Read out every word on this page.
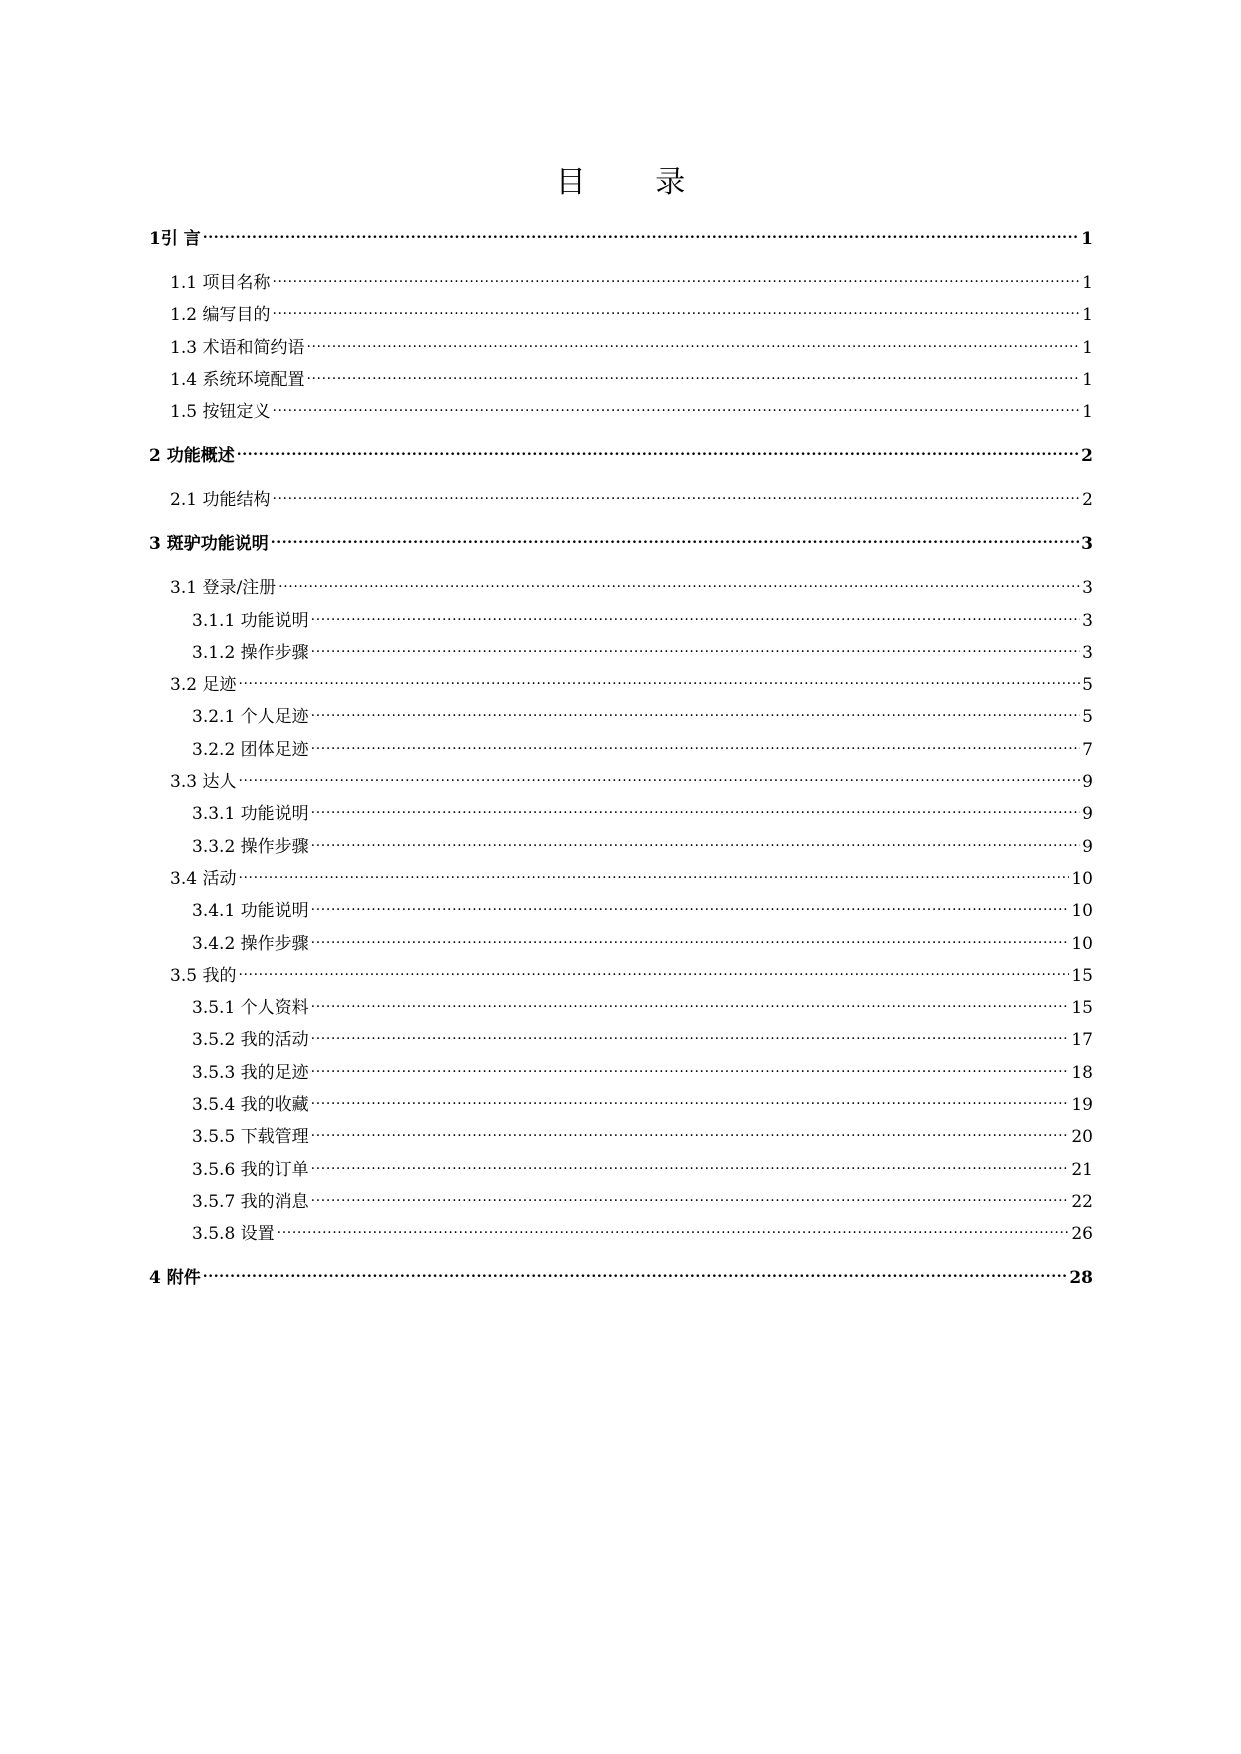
目 录
1引 言 .....	1
1.1 项目名称 .....	1
1.2 编写目的 .....	1
1.3 术语和简约语 .....	1
1.4 系统环境配置 .....	1
1.5 按钮定义 .....	1
2 功能概述 .....	2
2.1 功能结构 .....	2
3 斑驴功能说明 .....	3
3.1 登录/注册 .....	3
3.1.1 功能说明 .....	3
3.1.2 操作步骤 .....	3
3.2 足迹 .....	5
3.2.1 个人足迹 .....	5
3.2.2 团体足迹 .....	7
3.3 达人 .....	9
3.3.1 功能说明 .....	9
3.3.2 操作步骤 .....	9
3.4 活动 .....	10
3.4.1 功能说明 .....	10
3.4.2 操作步骤 .....	10
3.5 我的 .....	15
3.5.1 个人资料 .....	15
3.5.2 我的活动 .....	17
3.5.3 我的足迹 .....	18
3.5.4 我的收藏 .....	19
3.5.5 下载管理 .....	20
3.5.6 我的订单 .....	21
3.5.7 我的消息 .....	22
3.5.8 设置 .....	26
4 附件 .....	28
